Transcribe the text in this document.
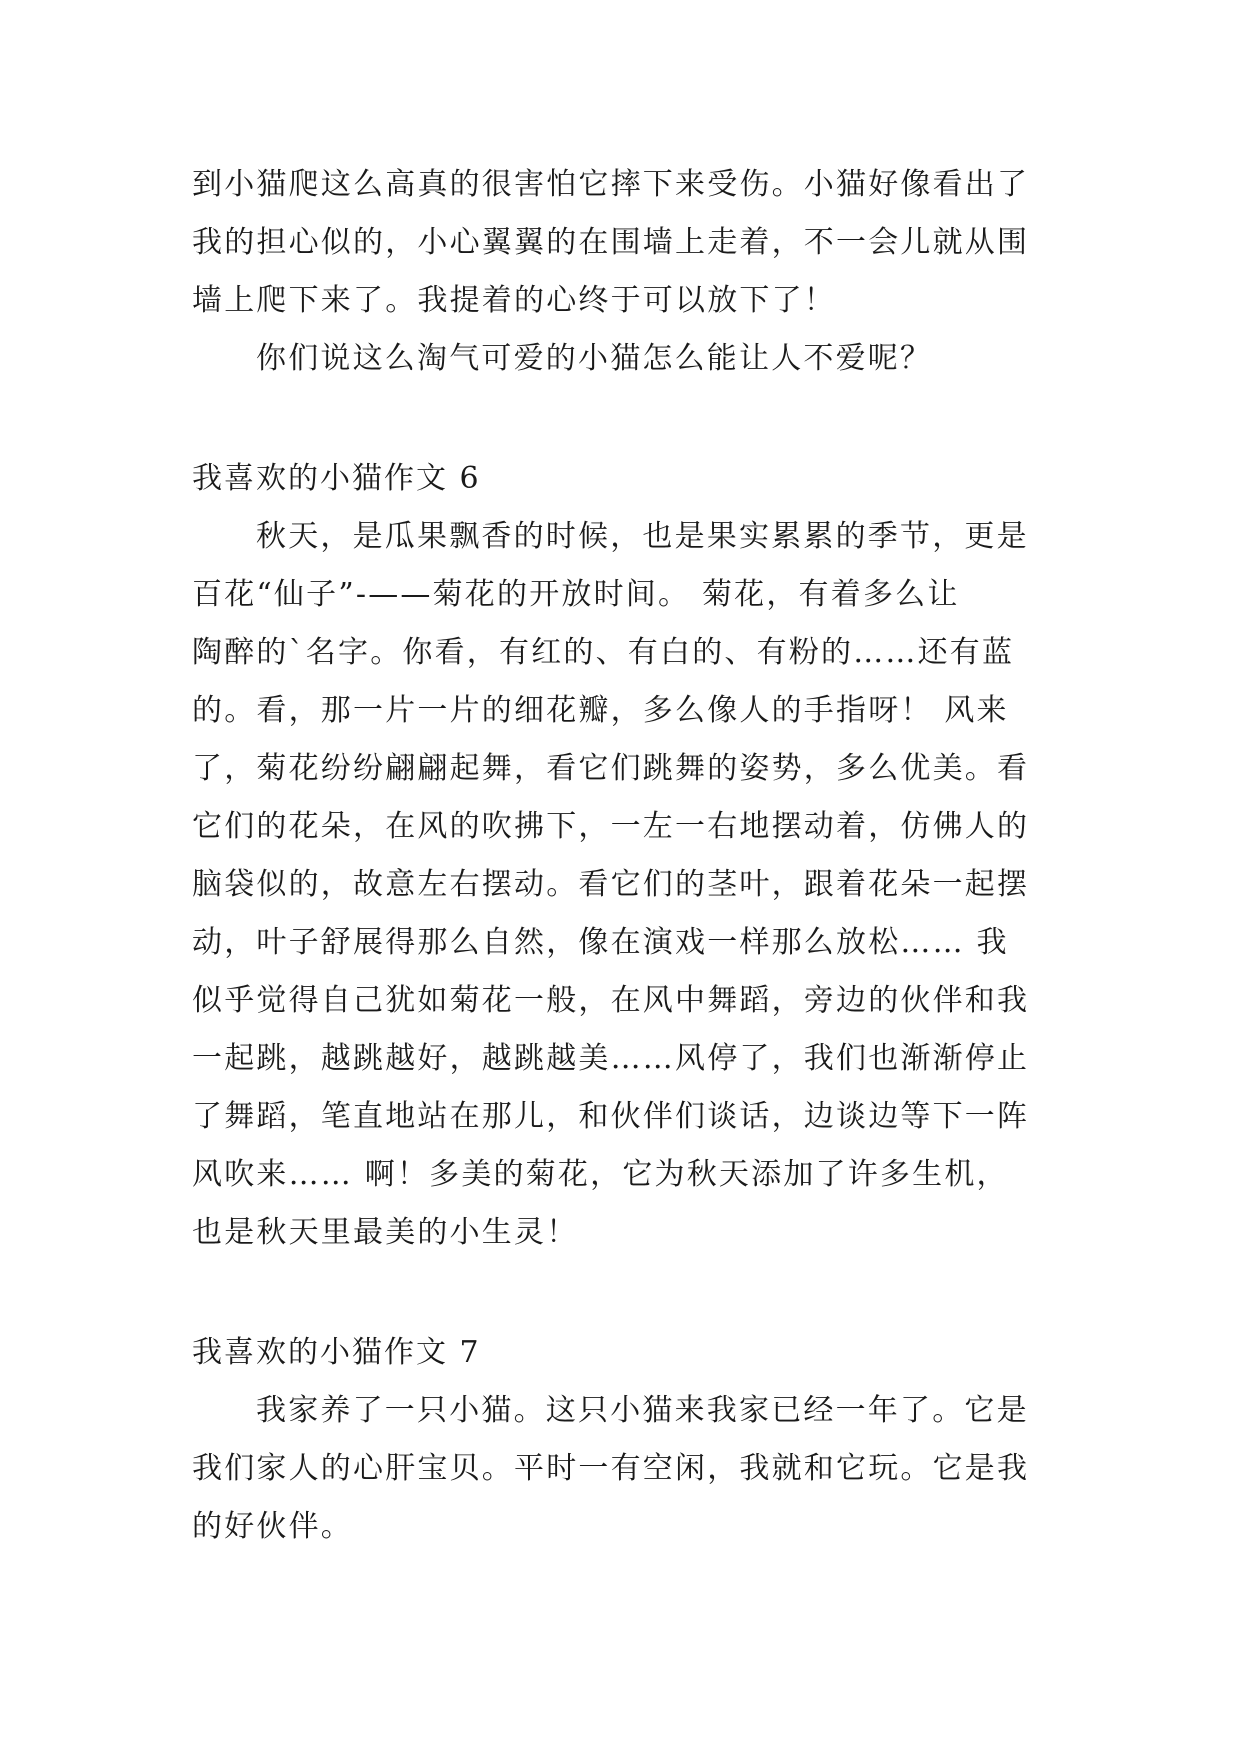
到小猫爬这么高真的很害怕它摔下来受伤。小猫好像看出了
我的担心似的，小心翼翼的在围墙上走着，不一会儿就从围
墙上爬下来了。我提着的心终于可以放下了！
你们说这么淘气可爱的小猫怎么能让人不爱呢？
我喜欢的小猫作文 6
秋天，是瓜果飘香的时候，也是果实累累的季节，更是
百花“仙子”-——菊花的开放时间。 菊花，有着多么让
陶醉的`名字。你看，有红的、有白的、有粉的……还有蓝
的。看，那一片一片的细花瓣，多么像人的手指呀！ 风来
了，菊花纷纷翩翩起舞，看它们跳舞的姿势，多么优美。看
它们的花朵，在风的吹拂下，一左一右地摆动着，仿佛人的
脑袋似的，故意左右摆动。看它们的茎叶，跟着花朵一起摆
动，叶子舒展得那么自然，像在演戏一样那么放松…… 我
似乎觉得自己犹如菊花一般，在风中舞蹈，旁边的伙伴和我
一起跳，越跳越好，越跳越美……风停了，我们也渐渐停止
了舞蹈，笔直地站在那儿，和伙伴们谈话，边谈边等下一阵
风吹来…… 啊！多美的菊花，它为秋天添加了许多生机，
也是秋天里最美的小生灵！
我喜欢的小猫作文 7
我家养了一只小猫。这只小猫来我家已经一年了。它是
我们家人的心肝宝贝。平时一有空闲，我就和它玩。它是我
的好伙伴。
